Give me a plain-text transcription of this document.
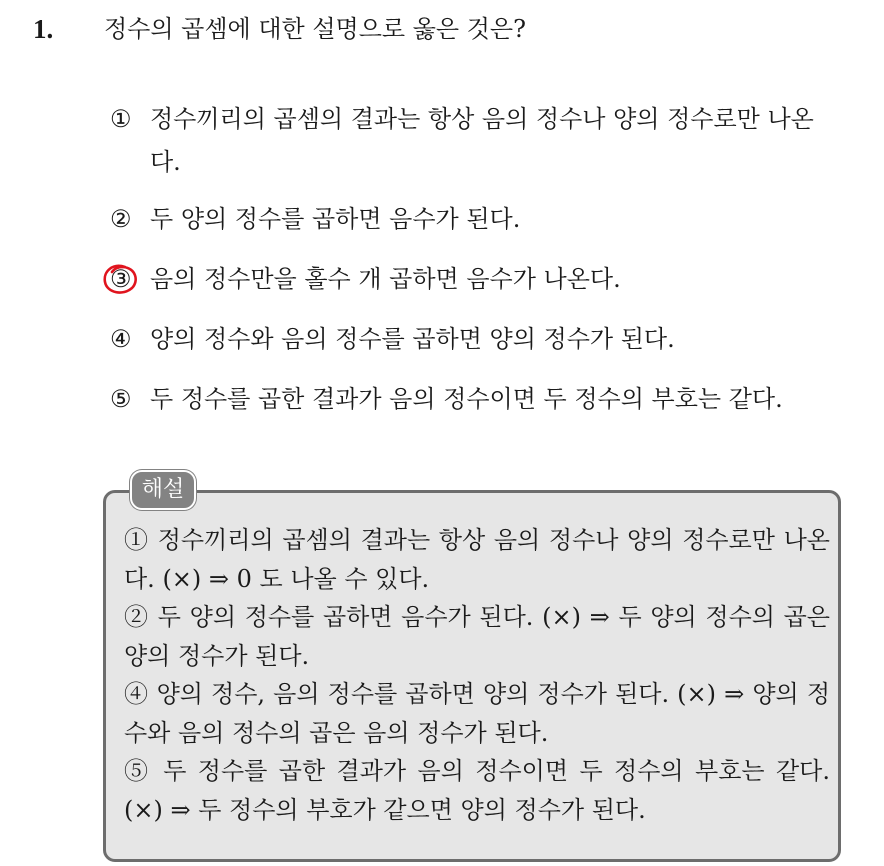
1. 정수의 곱셈에 대한 설명으로 옳은 것은?
① 정수끼리의 곱셈의 결과는 항상 음의 정수나 양의 정수로만 나온다.
② 두 양의 정수를 곱하면 음수가 된다.
③ 음의 정수만을 홀수 개 곱하면 음수가 나온다.
④ 양의 정수와 음의 정수를 곱하면 양의 정수가 된다.
⑤ 두 정수를 곱한 결과가 음의 정수이면 두 정수의 부호는 같다.
해설

① 정수끼리의 곱셈의 결과는 항상 음의 정수나 양의 정수로만 나온다. (×) ⇒ 0 도 나올 수 있다.

② 두 양의 정수를 곱하면 음수가 된다. (×) ⇒ 두 양의 정수의 곱은 양의 정수가 된다.

④ 양의 정수, 음의 정수를 곱하면 양의 정수가 된다. (×) ⇒ 양의 정수와 음의 정수의 곱은 음의 정수가 된다.

⑤ 두 정수를 곱한 결과가 음의 정수이면 두 정수의 부호는 같다. (×) ⇒ 두 정수의 부호가 같으면 양의 정수가 된다.
